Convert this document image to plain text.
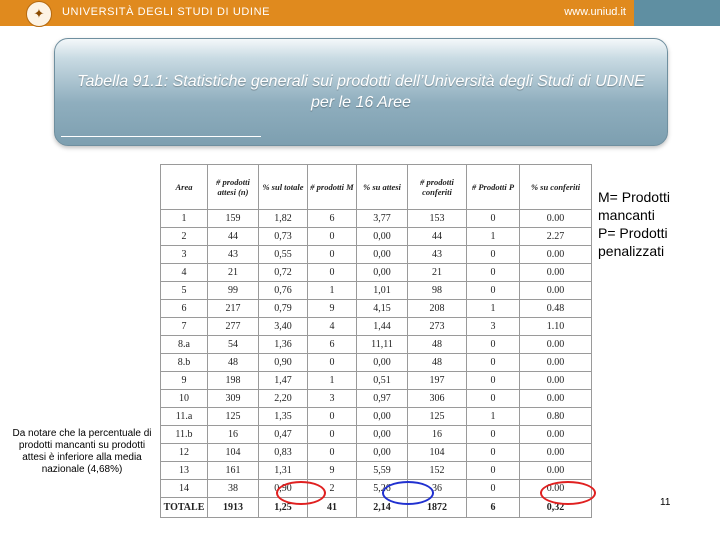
✦	UNIVERSITÀ DEGLI STUDI DI UDINE	www.uniud.it
Tabella 91.1: Statistiche generali sui prodotti dell’Università degli Studi di UDINE per le 16 Aree
Area	# prodotti attesi (n)	% sul totale	# prodotti M	% su attesi	# prodotti conferiti	# Prodotti P	% su conferiti
1	159	1,82	6	3,77	153	0	0.00
2	44	0,73	0	0,00	44	1	2.27
3	43	0,55	0	0,00	43	0	0.00
4	21	0,72	0	0,00	21	0	0.00
5	99	0,76	1	1,01	98	0	0.00
6	217	0,79	9	4,15	208	1	0.48
7	277	3,40	4	1,44	273	3	1.10
8.a	54	1,36	6	11,11	48	0	0.00
8.b	48	0,90	0	0,00	48	0	0.00
9	198	1,47	1	0,51	197	0	0.00
10	309	2,20	3	0,97	306	0	0.00
11.a	125	1,35	0	0,00	125	1	0.80
11.b	16	0,47	0	0,00	16	0	0.00
12	104	0,83	0	0,00	104	0	0.00
13	161	1,31	9	5,59	152	0	0.00
14	38	0,90	2	5,26	36	0	0.00
TOTALE	1913	1,25	41	2,14	1872	6	0,32
M= Prodotti mancanti
P= Prodotti penalizzati
Da notare che la percentuale di prodotti mancanti su prodotti attesi è inferiore alla media nazionale (4,68%)
11
